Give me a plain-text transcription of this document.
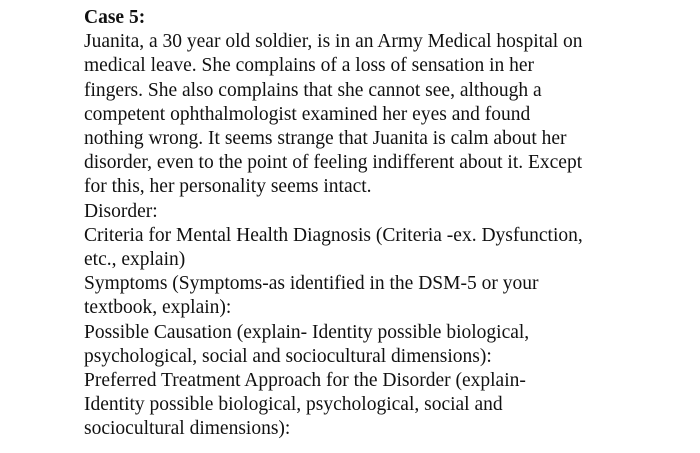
Case 5:
Juanita, a 30 year old soldier, is in an Army Medical hospital on
medical leave. She complains of a loss of sensation in her
fingers. She also complains that she cannot see, although a
competent ophthalmologist examined her eyes and found
nothing wrong. It seems strange that Juanita is calm about her
disorder, even to the point of feeling indifferent about it. Except
for this, her personality seems intact.
Disorder:
Criteria for Mental Health Diagnosis (Criteria -ex. Dysfunction,
etc., explain)
Symptoms (Symptoms-as identified in the DSM-5 or your
textbook, explain):
Possible Causation (explain- Identity possible biological,
psychological, social and sociocultural dimensions):
Preferred Treatment Approach for the Disorder (explain-
Identity possible biological, psychological, social and
sociocultural dimensions):
